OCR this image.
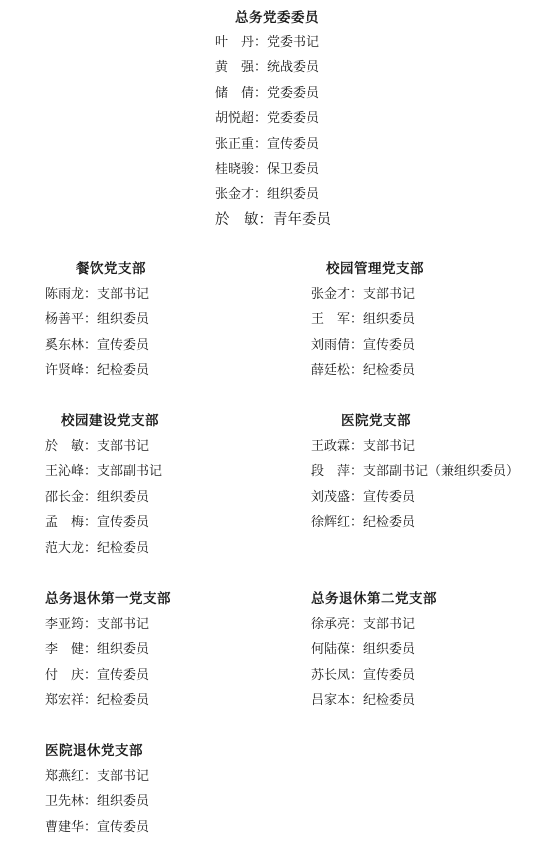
总务党委委员
叶　丹：党委书记
黄　强：统战委员
储　倩：党委委员
胡悦超：党委委员
张正重：宣传委员
桂晓骏：保卫委员
张金才：组织委员
於　敏：青年委员
餐饮党支部
陈雨龙：支部书记
杨善平：组织委员
奚东林：宣传委员
许贤峰：纪检委员
校园管理党支部
张金才：支部书记
王　军：组织委员
刘雨倩：宣传委员
薛廷松：纪检委员
校园建设党支部
於　敏：支部书记
王沁峰：支部副书记
邵长金：组织委员
孟　梅：宣传委员
范大龙：纪检委员
医院党支部
王政霖：支部书记
段　萍：支部副书记（兼组织委员）
刘茂盛：宣传委员
徐辉红：纪检委员
总务退休第一党支部
李亚筠：支部书记
李　健：组织委员
付　庆：宣传委员
郑宏祥：纪检委员
总务退休第二党支部
徐承亮：支部书记
何陆葆：组织委员
苏长凤：宣传委员
吕家本：纪检委员
医院退休党支部
郑燕红：支部书记
卫先林：组织委员
曹建华：宣传委员
